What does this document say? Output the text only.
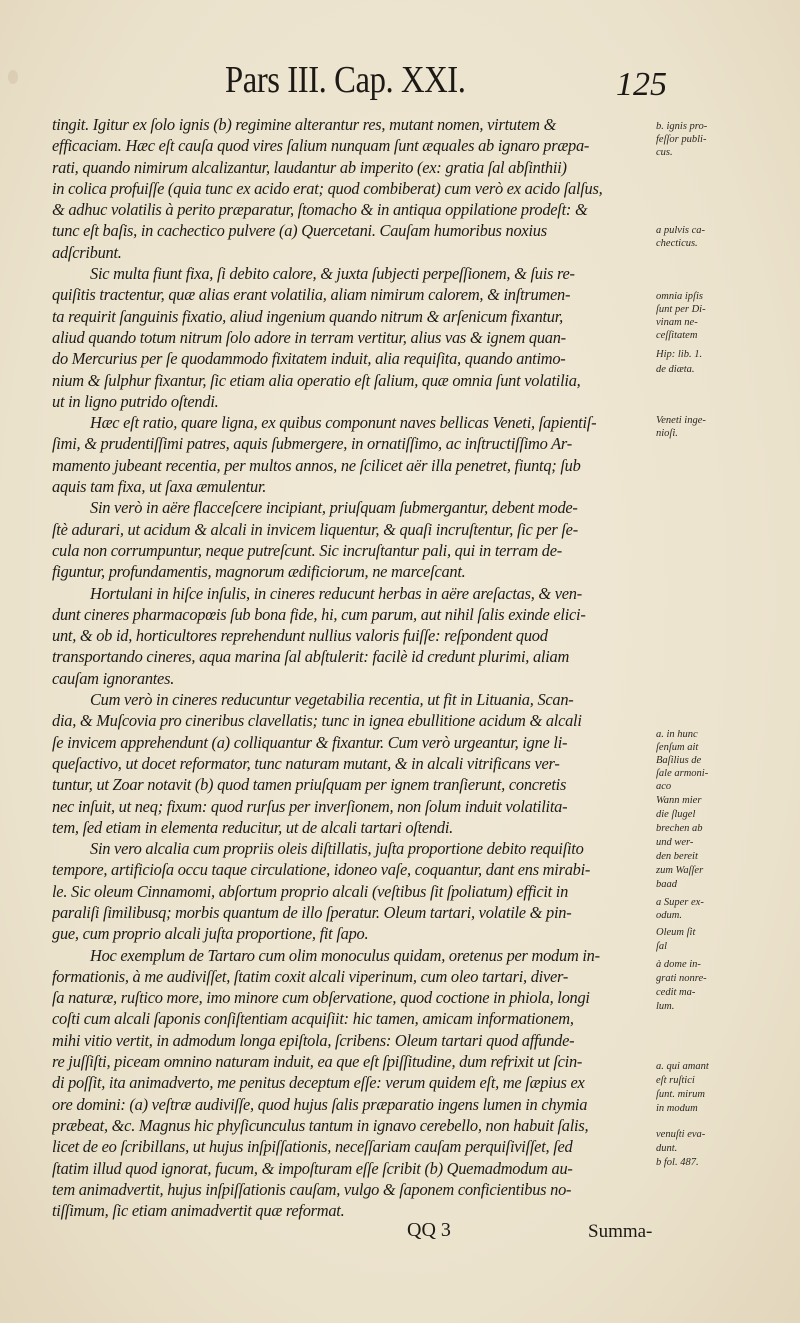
Pars III. Cap. XXI.	125
tingit. Igitur ex ſolo ignis (b) regimine alterantur res, mutant nomen, virtutem &
efficaciam. Hæc eſt cauſa quod vires ſalium nunquam ſunt æquales ab ignaro præpa-
rati, quando nimirum alcalizantur, laudantur ab imperito (ex: gratia ſal abſinthii)
in colica profuiſſe (quia tunc ex acido erat; quod combiberat) cum verò ex acido ſalſus,
& adhuc volatilis à perito præparatur, ſtomacho & in antiqua oppilatione prodeſt: &
tunc eſt baſis, in cachectico pulvere (a) Quercetani. Cauſam humoribus noxius
adſcribunt.
Sic multa fiunt fixa, ſi debito calore, & juxta ſubjecti perpeſſionem, & ſuis re-
quiſitis tractentur, quæ alias erant volatilia, aliam nimirum calorem, & inſtrumen-
ta requirit ſanguinis fixatio, aliud ingenium quando nitrum & arſenicum fixantur,
aliud quando totum nitrum ſolo adore in terram vertitur, alius vas & ignem quan-
do Mercurius per ſe quodammodo fixitatem induit, alia requiſita, quando antimo-
nium & ſulphur fixantur, ſic etiam alia operatio eſt ſalium, quæ omnia ſunt volatilia,
ut in ligno putrido oſtendi.
Hæc eſt ratio, quare ligna, ex quibus componunt naves bellicas Veneti, ſapientiſ-
ſimi, & prudentiſſimi patres, aquis ſubmergere, in ornatiſſimo, ac inſtructiſſimo Ar-
mamento jubeant recentia, per multos annos, ne ſcilicet aër illa penetret, fiuntq; ſub
aquis tam fixa, ut ſaxa æmulentur.
Sin verò in aëre flacceſcere incipiant, priuſquam ſubmergantur, debent mode-
ſtè adurari, ut acidum & alcali in invicem liquentur, & quaſi incruſtentur, ſic per ſe-
cula non corrumpuntur, neque putreſcunt. Sic incruſtantur pali, qui in terram de-
figuntur, profundamentis, magnorum ædificiorum, ne marceſcant.
Hortulani in hiſce inſulis, in cineres reducunt herbas in aëre areſactas, & ven-
dunt cineres pharmacopœis ſub bona fide, hi, cum parum, aut nihil ſalis exinde elici-
unt, & ob id, horticultores reprehendunt nullius valoris fuiſſe: reſpondent quod
transportando cineres, aqua marina ſal abſtulerit: facilè id credunt plurimi, aliam
cauſam ignorantes.
Cum verò in cineres reducuntur vegetabilia recentia, ut fit in Lituania, Scan-
dia, & Muſcovia pro cineribus clavellatis; tunc in ignea ebullitione acidum & alcali
ſe invicem apprehendunt (a) colliquantur & fixantur. Cum verò urgeantur, igne li-
queſactivo, ut docet reformator, tunc naturam mutant, & in alcali vitrificans ver-
tuntur, ut Zoar notavit (b) quod tamen priuſquam per ignem tranſierunt, concretis
nec inſuit, ut neq; fixum: quod rurſus per inverſionem, non ſolum induit volatilita-
tem, ſed etiam in elementa reducitur, ut de alcali tartari oſtendi.
Sin vero alcalia cum propriis oleis diſtillatis, juſta proportione debito requiſito
tempore, artificioſa occu taque circulatione, idoneo vaſe, coquantur, dant ens mirabi-
le. Sic oleum Cinnamomi, abſortum proprio alcali (veſtibus ſit ſpoliatum) efficit in
paraliſi ſimilibusq; morbis quantum de illo ſperatur. Oleum tartari, volatile & pin-
gue, cum proprio alcali juſta proportione, fit ſapo.
Hoc exemplum de Tartaro cum olim monoculus quidam, oretenus per modum in-
formationis, à me audiviſſet, ſtatim coxit alcali viperinum, cum oleo tartari, diver-
ſa naturæ, ruſtico more, imo minore cum obſervatione, quod coctione in phiola, longi
coſti cum alcali ſaponis conſiſtentiam acquiſiit: hic tamen, amicam informationem,
mihi vitio vertit, in admodum longa epiſtola, ſcribens: Oleum tartari quod affunde-
re juſſiſti, piceam omnino naturam induit, ea que eſt ſpiſſitudine, dum refrixit ut ſcin-
di poſſit, ita animadverto, me penitus deceptum eſſe: verum quidem eſt, me ſæpius ex
ore domini: (a) veſtræ audiviſſe, quod hujus ſalis præparatio ingens lumen in chymia
præbeat, &c. Magnus hic phyſicunculus tantum in ignavo cerebello, non habuit ſalis,
licet de eo ſcribillans, ut hujus inſpiſſationis, neceſſariam cauſam perquiſiviſſet, ſed
ſtatim illud quod ignorat, fucum, & impoſturam eſſe ſcribit (b) Quemadmodum au-
tem animadvertit, hujus inſpiſſationis cauſam, vulgo & ſaponem conficientibus no-
tiſſimum, ſic etiam animadvertit quæ reformat.
b. ignis pro-
feſſor publi-
cus.
a pulvis ca-
checticus.
omnia ipſis
ſunt per Di-
vinam ne-
ceſſitatem
Hip: lib. 1.
de diæta.
Veneti inge-
nioſi.
a. in hunc
ſenſum ait
Baſilius de
ſale armoni-
aco
Wann mier
die ſlugel
brechen ab
und wer-
den bereit
zum Waſſer
baad
a Super ex-
odum.
Oleum ſit
ſal
à dome in-
grati nonre-
cedit ma-
lum.
a. qui amant
eſt ruſtici
ſunt. mirum
in modum
venuſti eva-
dunt.
b fol. 487.
QQ 3	Summa-
